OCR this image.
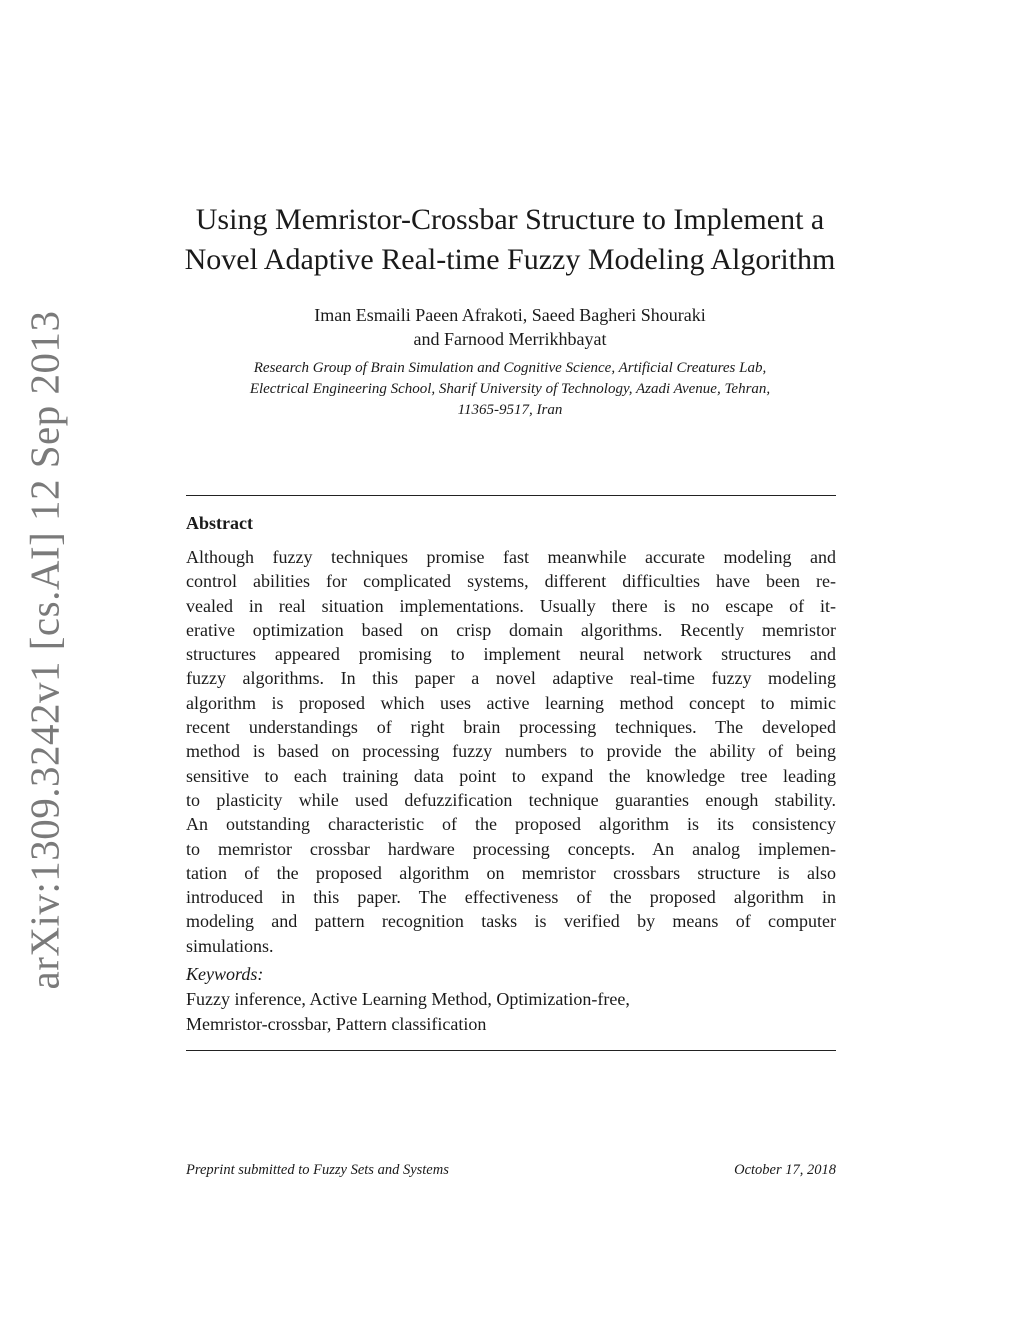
arXiv:1309.3242v1 [cs.AI] 12 Sep 2013
Using Memristor-Crossbar Structure to Implement a
Novel Adaptive Real-time Fuzzy Modeling Algorithm
Iman Esmaili Paeen Afrakoti, Saeed Bagheri Shouraki
and Farnood Merrikhbayat
Research Group of Brain Simulation and Cognitive Science, Artificial Creatures Lab,
Electrical Engineering School, Sharif University of Technology, Azadi Avenue, Tehran,
11365-9517, Iran
Abstract
Although fuzzy techniques promise fast meanwhile accurate modeling and
control abilities for complicated systems, different difficulties have been re-
vealed in real situation implementations. Usually there is no escape of it-
erative optimization based on crisp domain algorithms. Recently memristor
structures appeared promising to implement neural network structures and
fuzzy algorithms. In this paper a novel adaptive real-time fuzzy modeling
algorithm is proposed which uses active learning method concept to mimic
recent understandings of right brain processing techniques. The developed
method is based on processing fuzzy numbers to provide the ability of being
sensitive to each training data point to expand the knowledge tree leading
to plasticity while used defuzzification technique guaranties enough stability.
An outstanding characteristic of the proposed algorithm is its consistency
to memristor crossbar hardware processing concepts. An analog implemen-
tation of the proposed algorithm on memristor crossbars structure is also
introduced in this paper. The effectiveness of the proposed algorithm in
modeling and pattern recognition tasks is verified by means of computer
simulations.
Keywords:
Fuzzy inference, Active Learning Method, Optimization-free,
Memristor-crossbar, Pattern classification
Preprint submitted to Fuzzy Sets and Systems	October 17, 2018
